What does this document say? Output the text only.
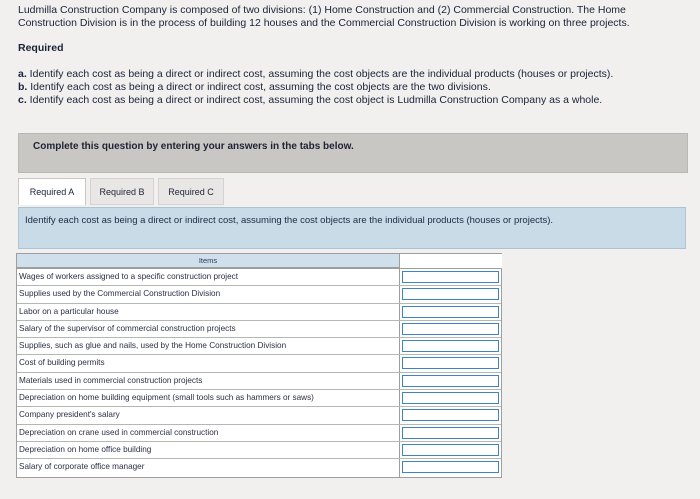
Ludmilla Construction Company is composed of two divisions: (1) Home Construction and (2) Commercial Construction. The Home
Construction Division is in the process of building 12 houses and the Commercial Construction Division is working on three projects.
Required
a. Identify each cost as being a direct or indirect cost, assuming the cost objects are the individual products (houses or projects).
b. Identify each cost as being a direct or indirect cost, assuming the cost objects are the two divisions.
c. Identify each cost as being a direct or indirect cost, assuming the cost object is Ludmilla Construction Company as a whole.
Complete this question by entering your answers in the tabs below.
Required A	Required B	Required C
Identify each cost as being a direct or indirect cost, assuming the cost objects are the individual products (houses or projects).
Items
Wages of workers assigned to a specific construction project
Supplies used by the Commercial Construction Division
Labor on a particular house
Salary of the supervisor of commercial construction projects
Supplies, such as glue and nails, used by the Home Construction Division
Cost of building permits
Materials used in commercial construction projects
Depreciation on home building equipment (small tools such as hammers or saws)
Company president's salary
Depreciation on crane used in commercial construction
Depreciation on home office building
Salary of corporate office manager
